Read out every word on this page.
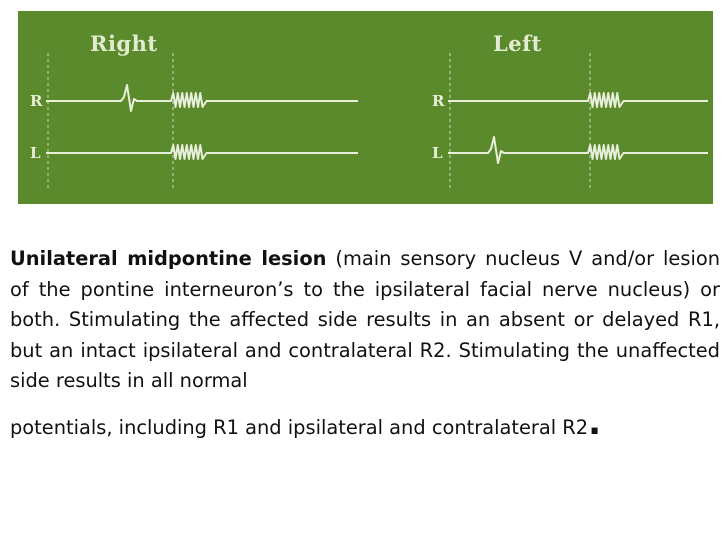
Right	Left
R
L
R
L

Unilateral midpontine lesion (main sensory nucleus V and/or lesion of the pontine interneuron’s to the ipsilateral facial nerve nucleus) or both. Stimulating the affected side results in an absent or delayed R1, but an intact ipsilateral and contralateral R2. Stimulating the unaffected side results in all normal

potentials, including R1 and ipsilateral and contralateral R2.
